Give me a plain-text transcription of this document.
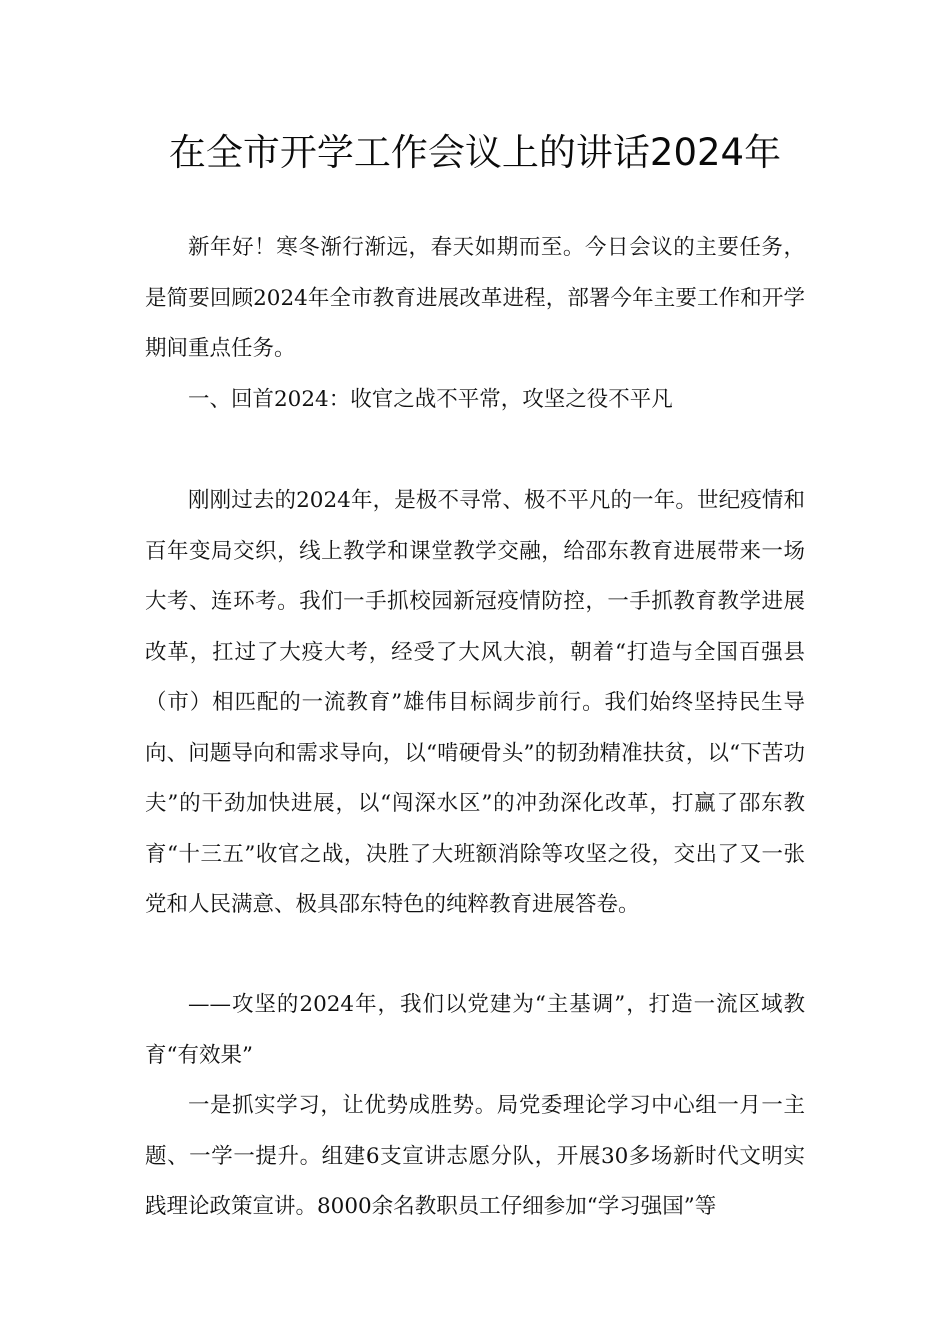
在全市开学工作会议上的讲话2024年

新年好！寒冬渐行渐远，春天如期而至。今日会议的主要任务，是简要回顾2024年全市教育进展改革进程，部署今年主要工作和开学期间重点任务。

一、回首2024：收官之战不平常，攻坚之役不平凡

刚刚过去的2024年，是极不寻常、极不平凡的一年。世纪疫情和百年变局交织，线上教学和课堂教学交融，给邵东教育进展带来一场大考、连环考。我们一手抓校园新冠疫情防控，一手抓教育教学进展改革，扛过了大疫大考，经受了大风大浪，朝着“打造与全国百强县（市）相匹配的一流教育”雄伟目标阔步前行。我们始终坚持民生导向、问题导向和需求导向，以“啃硬骨头”的韧劲精准扶贫，以“下苦功夫”的干劲加快进展，以“闯深水区”的冲劲深化改革，打赢了邵东教育“十三五”收官之战，决胜了大班额消除等攻坚之役，交出了又一张党和人民满意、极具邵东特色的纯粹教育进展答卷。

——攻坚的2024年，我们以党建为“主基调”，打造一流区域教育“有效果”

一是抓实学习，让优势成胜势。局党委理论学习中心组一月一主题、一学一提升。组建6支宣讲志愿分队，开展30多场新时代文明实践理论政策宣讲。8000余名教职员工仔细参加“学习强国”等
